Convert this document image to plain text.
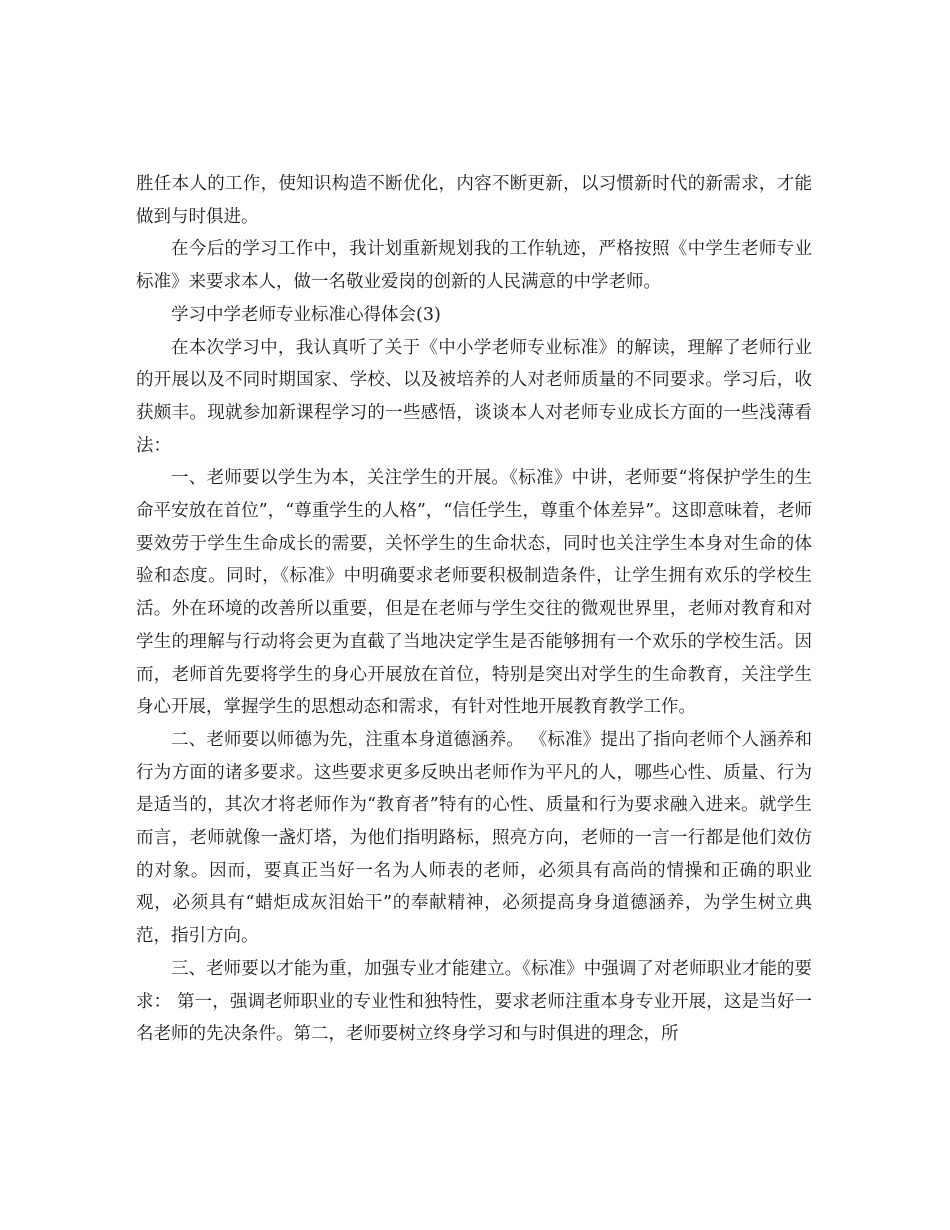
胜任本人的工作，使知识构造不断优化，内容不断更新，以习惯新时代的新需求，才能做到与时俱进。

在今后的学习工作中，我计划重新规划我的工作轨迹，严格按照《中学生老师专业标准》来要求本人，做一名敬业爱岗的创新的人民满意的中学老师。

学习中学老师专业标准心得体会(3)

在本次学习中，我认真听了关于《中小学老师专业标准》的解读，理解了老师行业的开展以及不同时期国家、学校、以及被培养的人对老师质量的不同要求。学习后，收获颇丰。现就参加新课程学习的一些感悟，谈谈本人对老师专业成长方面的一些浅薄看法：

一、老师要以学生为本，关注学生的开展。《标准》中讲，老师要“将保护学生的生命平安放在首位”，“尊重学生的人格”，“信任学生，尊重个体差异”。这即意味着，老师要效劳于学生生命成长的需要，关怀学生的生命状态，同时也关注学生本身对生命的体验和态度。同时，《标准》中明确要求老师要积极制造条件，让学生拥有欢乐的学校生活。外在环境的改善所以重要，但是在老师与学生交往的微观世界里，老师对教育和对学生的理解与行动将会更为直截了当地决定学生是否能够拥有一个欢乐的学校生活。因而，老师首先要将学生的身心开展放在首位，特别是突出对学生的生命教育，关注学生身心开展，掌握学生的思想动态和需求，有针对性地开展教育教学工作。

二、老师要以师德为先，注重本身道德涵养。 《标准》提出了指向老师个人涵养和行为方面的诸多要求。这些要求更多反映出老师作为平凡的人，哪些心性、质量、行为是适当的，其次才将老师作为“教育者”特有的心性、质量和行为要求融入进来。就学生而言，老师就像一盏灯塔，为他们指明路标，照亮方向，老师的一言一行都是他们效仿的对象。因而，要真正当好一名为人师表的老师，必须具有高尚的情操和正确的职业观，必须具有“蜡炬成灰泪始干”的奉献精神，必须提高身身道德涵养，为学生树立典范，指引方向。

三、老师要以才能为重，加强专业才能建立。《标准》中强调了对老师职业才能的要求： 第一，强调老师职业的专业性和独特性，要求老师注重本身专业开展，这是当好一名老师的先决条件。第二，老师要树立终身学习和与时俱进的理念，所
